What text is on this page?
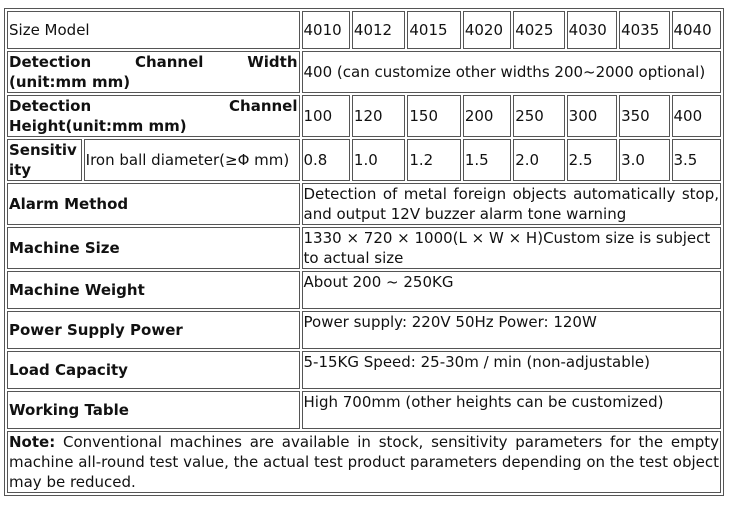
Size Model		4010	4012	4015	4020	4025	4030	4035	4040
Detection Channel Width (unit:mm mm)		400 (can customize other widths 200~2000 optional)							
Detection Channel Height(unit:mm mm)		100	120	150	200	250	300	350	400
Sensitivity	Iron ball diameter(≥Φ mm)	0.8	1.0	1.2	1.5	2.0	2.5	3.0	3.5
Alarm Method		Detection of metal foreign objects automatically stop, and output 12V buzzer alarm tone warning							
Machine Size		1330 × 720 × 1000(L × W × H)Custom size is subject to actual size							
Machine Weight		About 200 ~ 250KG							
Power Supply Power		Power supply: 220V 50Hz Power: 120W							
Load Capacity		5-15KG Speed: 25-30m / min (non-adjustable)							
Working Table		High 700mm (other heights can be customized)							
Note: Conventional machines are available in stock, sensitivity parameters for the empty machine all-round test value, the actual test product parameters depending on the test object may be reduced.									
